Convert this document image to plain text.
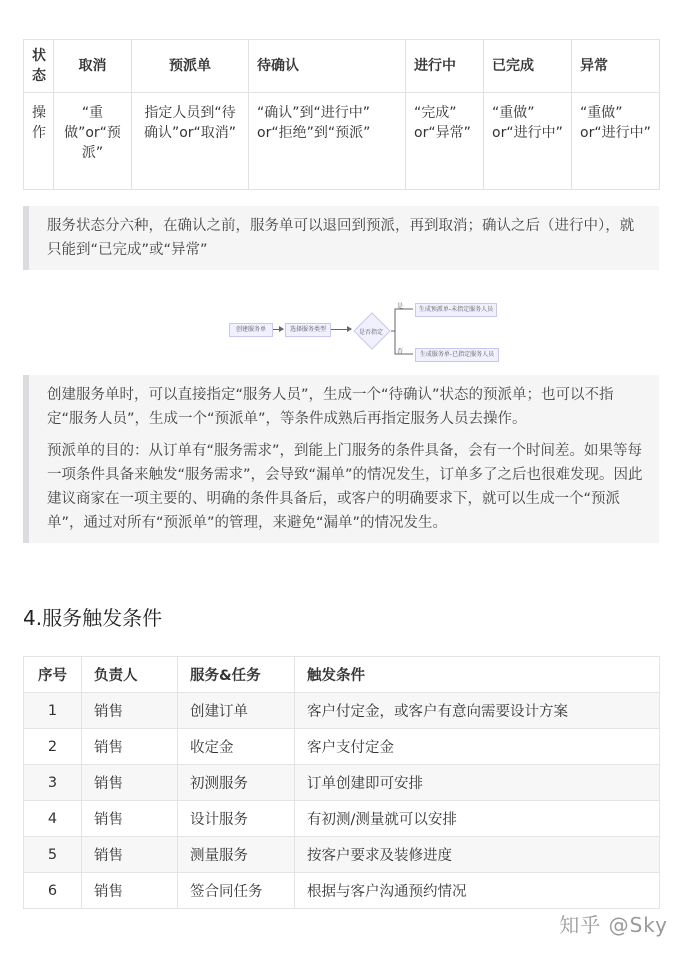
状态	取消	预派单	待确认	进行中	已完成	异常
操作	“重做”or“预派”	指定人员到“待确认”or“取消”	“确认”到“进行中” or“拒绝”到“预派”	“完成” or“异常”	“重做” or“进行中”	“重做” or“进行中”

服务状态分六种，在确认之前，服务单可以退回到预派，再到取消；确认之后（进行中），就只能到“已完成”或“异常”

创建服务单	选择服务类型	是否指定
是
否
生成预派单-未指定服务人员
生成服务单-已指定服务人员

创建服务单时，可以直接指定“服务人员”，生成一个“待确认”状态的预派单；也可以不指定“服务人员”，生成一个“预派单”，等条件成熟后再指定服务人员去操作。

预派单的目的：从订单有“服务需求”，到能上门服务的条件具备，会有一个时间差。如果等每一项条件具备来触发“服务需求”，会导致“漏单”的情况发生，订单多了之后也很难发现。因此建议商家在一项主要的、明确的条件具备后，或客户的明确要求下，就可以生成一个“预派单”，通过对所有“预派单”的管理，来避免“漏单”的情况发生。

4.服务触发条件
序号	负责人	服务&任务	触发条件
1	销售	创建订单	客户付定金，或客户有意向需要设计方案
2	销售	收定金	客户支付定金
3	销售	初测服务	订单创建即可安排
4	销售	设计服务	有初测/测量就可以安排
5	销售	测量服务	按客户要求及装修进度
6	销售	签合同任务	根据与客户沟通预约情况
知乎 @Sky
